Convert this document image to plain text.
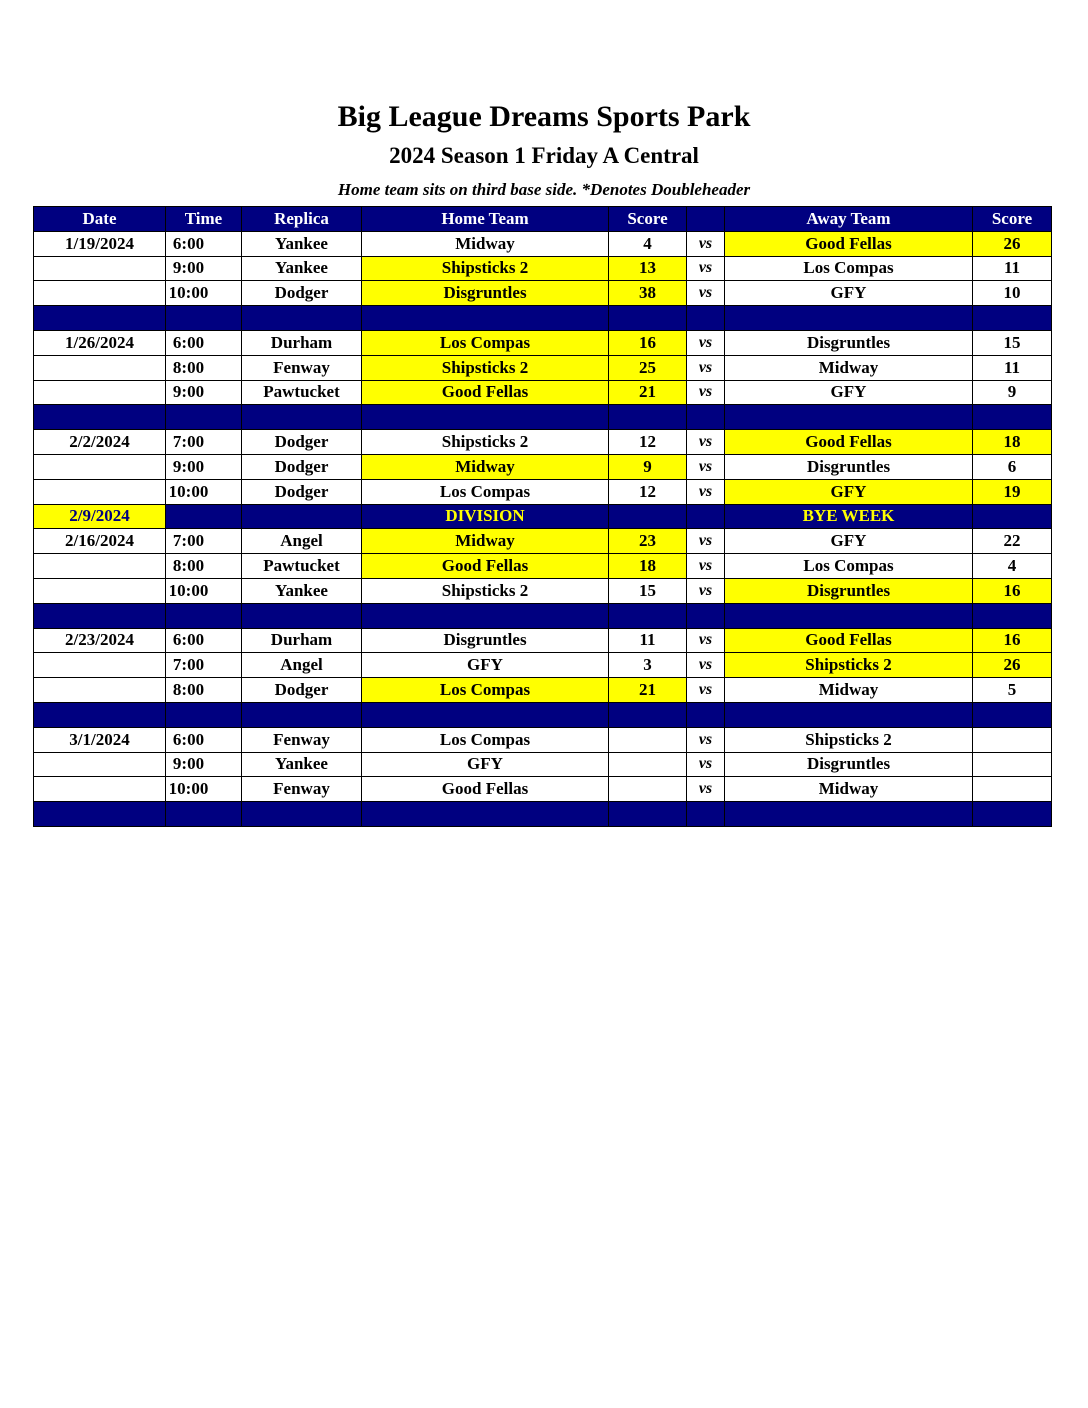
Big League Dreams Sports Park
2024 Season 1 Friday A Central
Home team sits on third base side. *Denotes Doubleheader
Date	Time	Replica	Home Team	Score		Away Team	Score
1/19/2024	6:00	Yankee	Midway	4	vs	Good Fellas	26
	9:00	Yankee	Shipsticks 2	13	vs	Los Compas	11
	10:00	Dodger	Disgruntles	38	vs	GFY	10

1/26/2024	6:00	Durham	Los Compas	16	vs	Disgruntles	15
	8:00	Fenway	Shipsticks 2	25	vs	Midway	11
	9:00	Pawtucket	Good Fellas	21	vs	GFY	9

2/2/2024	7:00	Dodger	Shipsticks 2	12	vs	Good Fellas	18
	9:00	Dodger	Midway	9	vs	Disgruntles	6
	10:00	Dodger	Los Compas	12	vs	GFY	19
2/9/2024			DIVISION			BYE WEEK	
2/16/2024	7:00	Angel	Midway	23	vs	GFY	22
	8:00	Pawtucket	Good Fellas	18	vs	Los Compas	4
	10:00	Yankee	Shipsticks 2	15	vs	Disgruntles	16

2/23/2024	6:00	Durham	Disgruntles	11	vs	Good Fellas	16
	7:00	Angel	GFY	3	vs	Shipsticks 2	26
	8:00	Dodger	Los Compas	21	vs	Midway	5

3/1/2024	6:00	Fenway	Los Compas		vs	Shipsticks 2	
	9:00	Yankee	GFY		vs	Disgruntles	
	10:00	Fenway	Good Fellas		vs	Midway	
